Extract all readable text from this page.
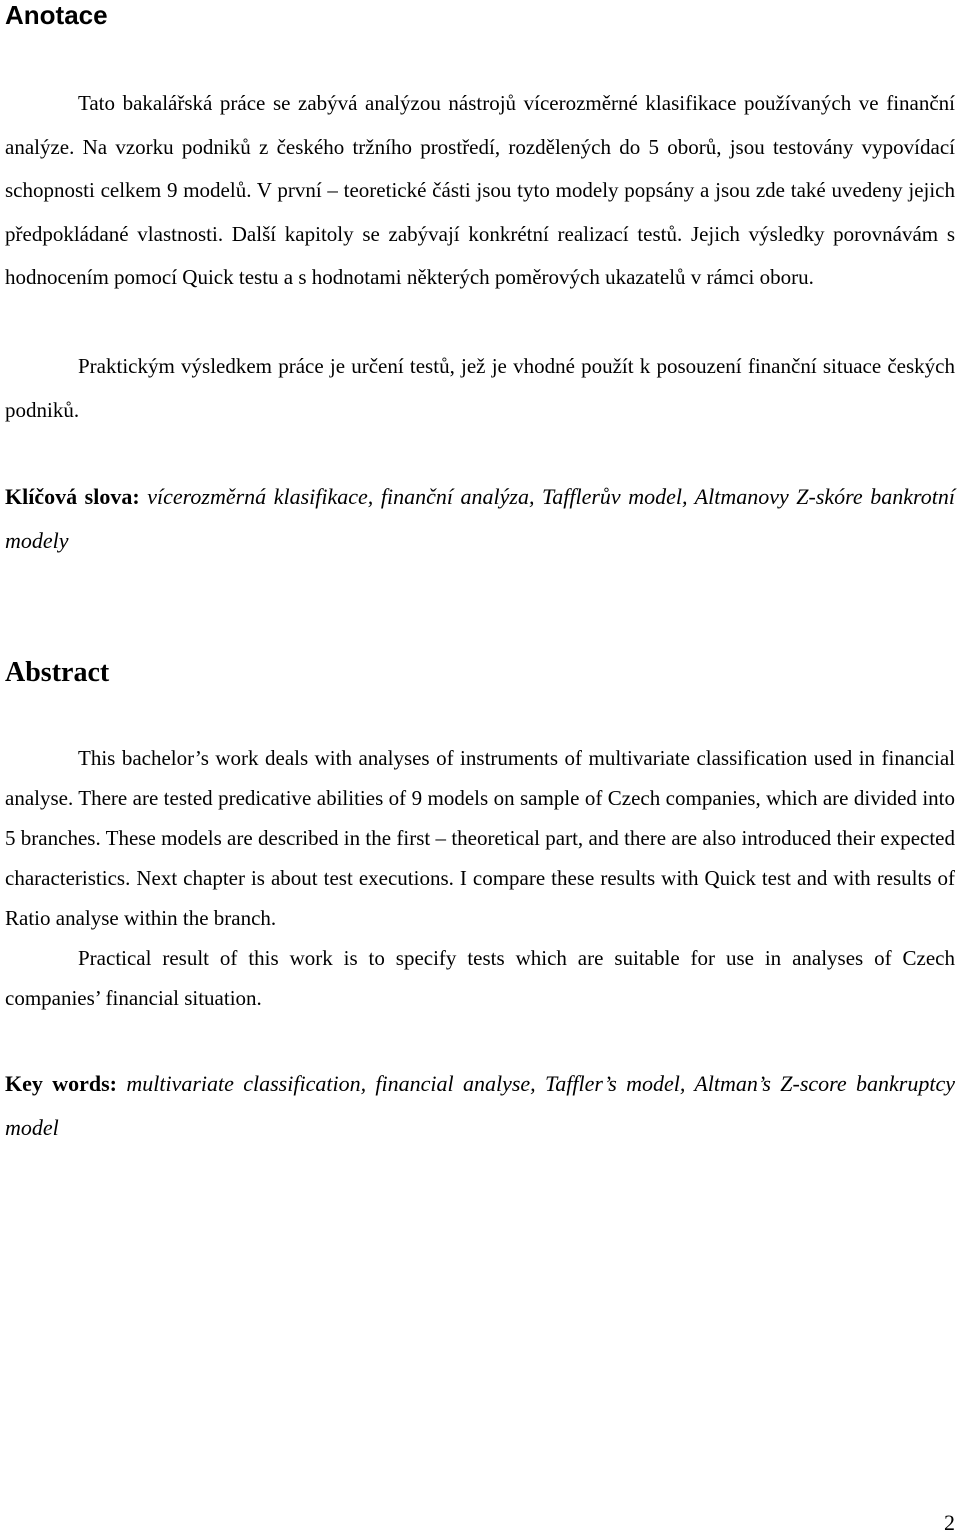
Anotace

Tato bakalářská práce se zabývá analýzou nástrojů vícerozměrné klasifikace používaných ve finanční analýze. Na vzorku podniků z českého tržního prostředí, rozdělených do 5 oborů, jsou testovány vypovídací schopnosti celkem 9 modelů. V první – teoretické části jsou tyto modely popsány a jsou zde také uvedeny jejich předpokládané vlastnosti. Další kapitoly se zabývají konkrétní realizací testů. Jejich výsledky porovnávám s hodnocením pomocí Quick testu a s hodnotami některých poměrových ukazatelů v rámci oboru.

Praktickým výsledkem práce je určení testů, jež je vhodné použít k posouzení finanční situace českých podniků.

Klíčová slova: vícerozměrná klasifikace, finanční analýza, Tafflerův model, Altmanovy Z-skóre bankrotní modely

Abstract

This bachelor’s work deals with analyses of instruments of multivariate classification used in financial analyse. There are tested predicative abilities of 9 models on sample of Czech companies, which are divided into 5 branches. These models are described in the first – theoretical part, and there are also introduced their expected characteristics. Next chapter is about test executions. I compare these results with Quick test and with results of Ratio analyse within the branch.

Practical result of this work is to specify tests which are suitable for use in analyses of Czech companies’ financial situation.

Key words: multivariate classification, financial analyse, Taffler’s model, Altman’s Z-score bankruptcy model

2
